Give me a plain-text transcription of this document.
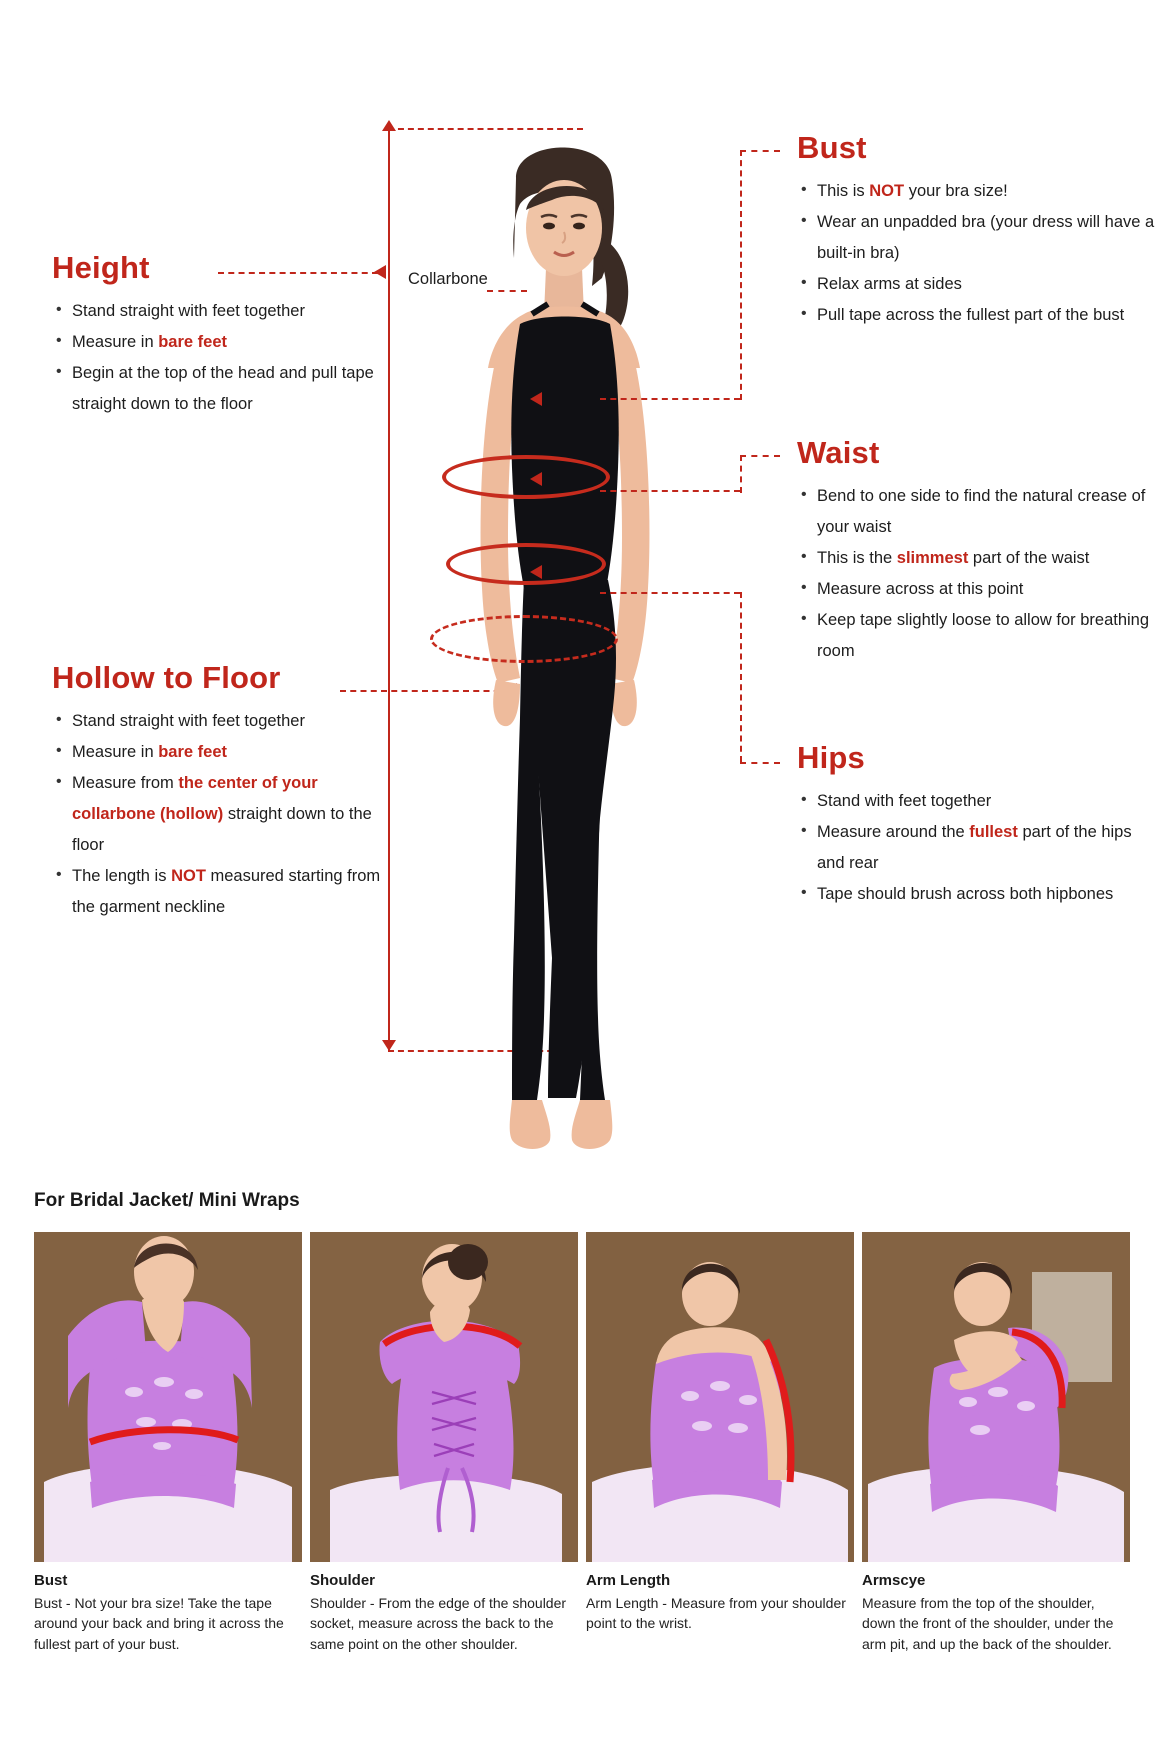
Collarbone
Height
• Stand straight with feet together
• Measure in bare feet
• Begin at the top of the head and pull tape straight down to the floor
Hollow to Floor
• Stand straight with feet together
• Measure in bare feet
• Measure from the center of your collarbone (hollow) straight down to the floor
• The length is NOT measured starting from the garment neckline
Bust
• This is NOT your bra size!
• Wear an unpadded bra (your dress will have a built-in bra)
• Relax arms at sides
• Pull tape across the fullest part of the bust
Waist
• Bend to one side to find the natural crease of your waist
• This is the slimmest part of the waist
• Measure across at this point
• Keep tape slightly loose to allow for breathing room
Hips
• Stand with feet together
• Measure around the fullest part of the hips and rear
• Tape should brush across both hipbones
For Bridal Jacket/ Mini Wraps
Bust
Bust - Not your bra size! Take the tape around your back and bring it across the fullest part of your bust.
Shoulder
Shoulder - From the edge of the shoulder socket, measure across the back to the same point on the other shoulder.
Arm Length
Arm Length - Measure from your shoulder point to the wrist.
Armscye
Measure from the top of the shoulder, down the front of the shoulder, under the arm pit, and up the back of the shoulder.
